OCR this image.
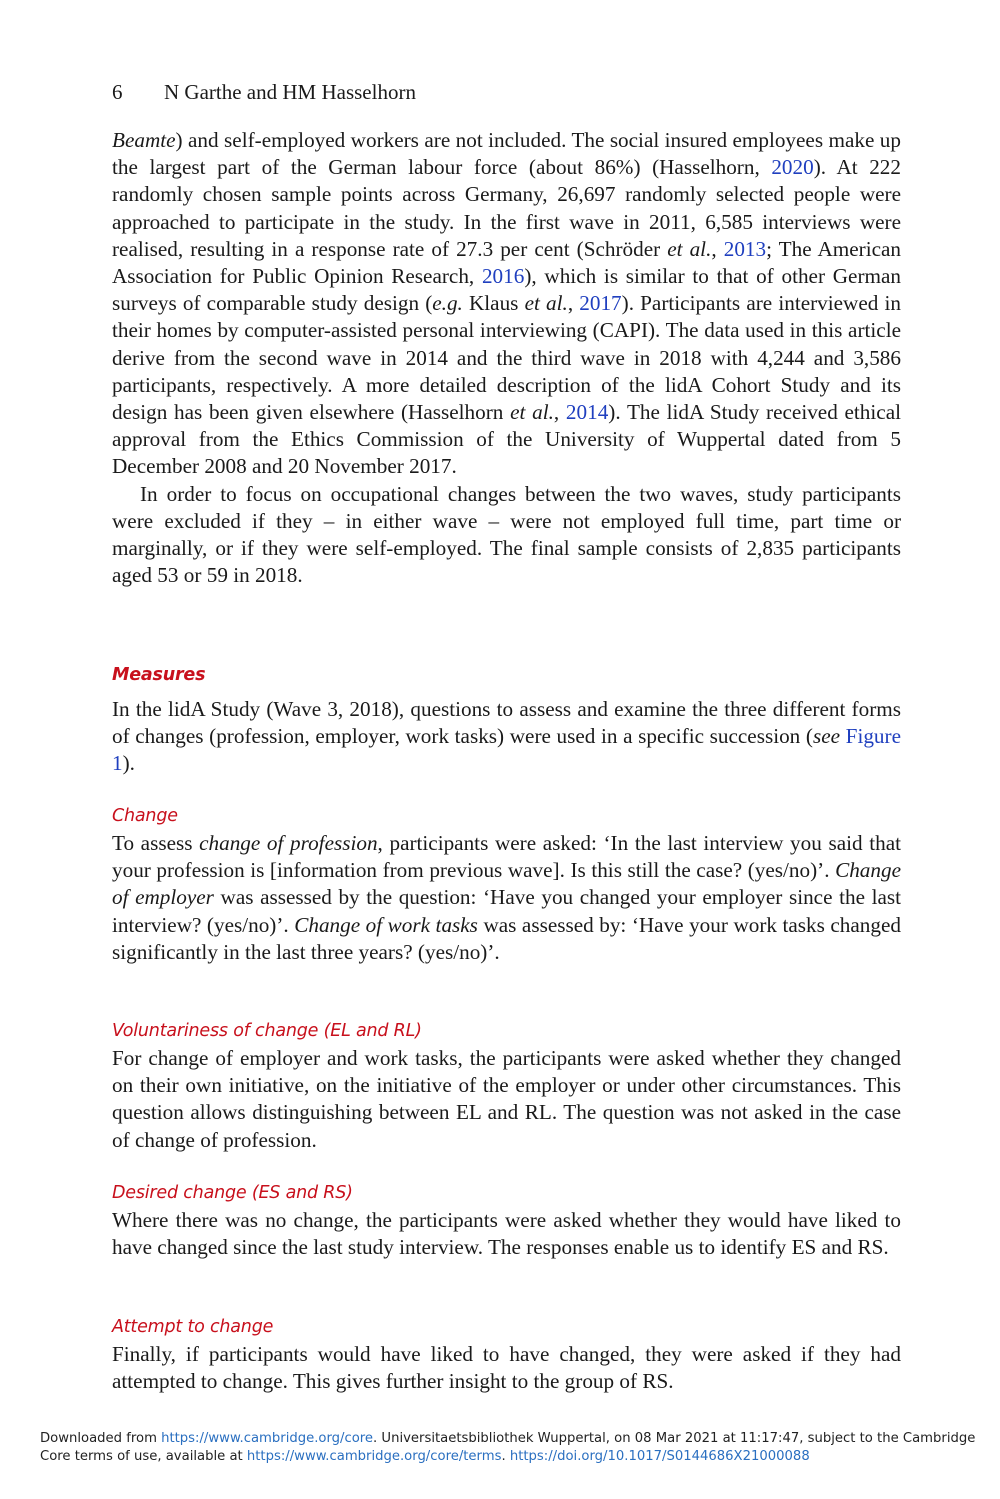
6 N Garthe and HM Hasselhorn

Beamte) and self-employed workers are not included. The social insured employees make up the largest part of the German labour force (about 86%) (Hasselhorn, 2020). At 222 randomly chosen sample points across Germany, 26,697 randomly selected people were approached to participate in the study. In the first wave in 2011, 6,585 interviews were realised, resulting in a response rate of 27.3 per cent (Schröder et al., 2013; The American Association for Public Opinion Research, 2016), which is similar to that of other German surveys of comparable study design (e.g. Klaus et al., 2017). Participants are interviewed in their homes by computer-assisted personal interviewing (CAPI). The data used in this article derive from the second wave in 2014 and the third wave in 2018 with 4,244 and 3,586 participants, respectively. A more detailed description of the lidA Cohort Study and its design has been given elsewhere (Hasselhorn et al., 2014). The lidA Study received ethical approval from the Ethics Commission of the University of Wuppertal dated from 5 December 2008 and 20 November 2017.

In order to focus on occupational changes between the two waves, study participants were excluded if they – in either wave – were not employed full time, part time or marginally, or if they were self-employed. The final sample consists of 2,835 participants aged 53 or 59 in 2018.

Measures

In the lidA Study (Wave 3, 2018), questions to assess and examine the three different forms of changes (profession, employer, work tasks) were used in a specific succession (see Figure 1).

Change

To assess change of profession, participants were asked: ‘In the last interview you said that your profession is [information from previous wave]. Is this still the case? (yes/no)’. Change of employer was assessed by the question: ‘Have you changed your employer since the last interview? (yes/no)’. Change of work tasks was assessed by: ‘Have your work tasks changed significantly in the last three years? (yes/no)’.

Voluntariness of change (EL and RL)

For change of employer and work tasks, the participants were asked whether they changed on their own initiative, on the initiative of the employer or under other circumstances. This question allows distinguishing between EL and RL. The question was not asked in the case of change of profession.

Desired change (ES and RS)

Where there was no change, the participants were asked whether they would have liked to have changed since the last study interview. The responses enable us to identify ES and RS.

Attempt to change

Finally, if participants would have liked to have changed, they were asked if they had attempted to change. This gives further insight to the group of RS.

Downloaded from https://www.cambridge.org/core. Universitaetsbibliothek Wuppertal, on 08 Mar 2021 at 11:17:47, subject to the Cambridge Core terms of use, available at https://www.cambridge.org/core/terms. https://doi.org/10.1017/S0144686X21000088
